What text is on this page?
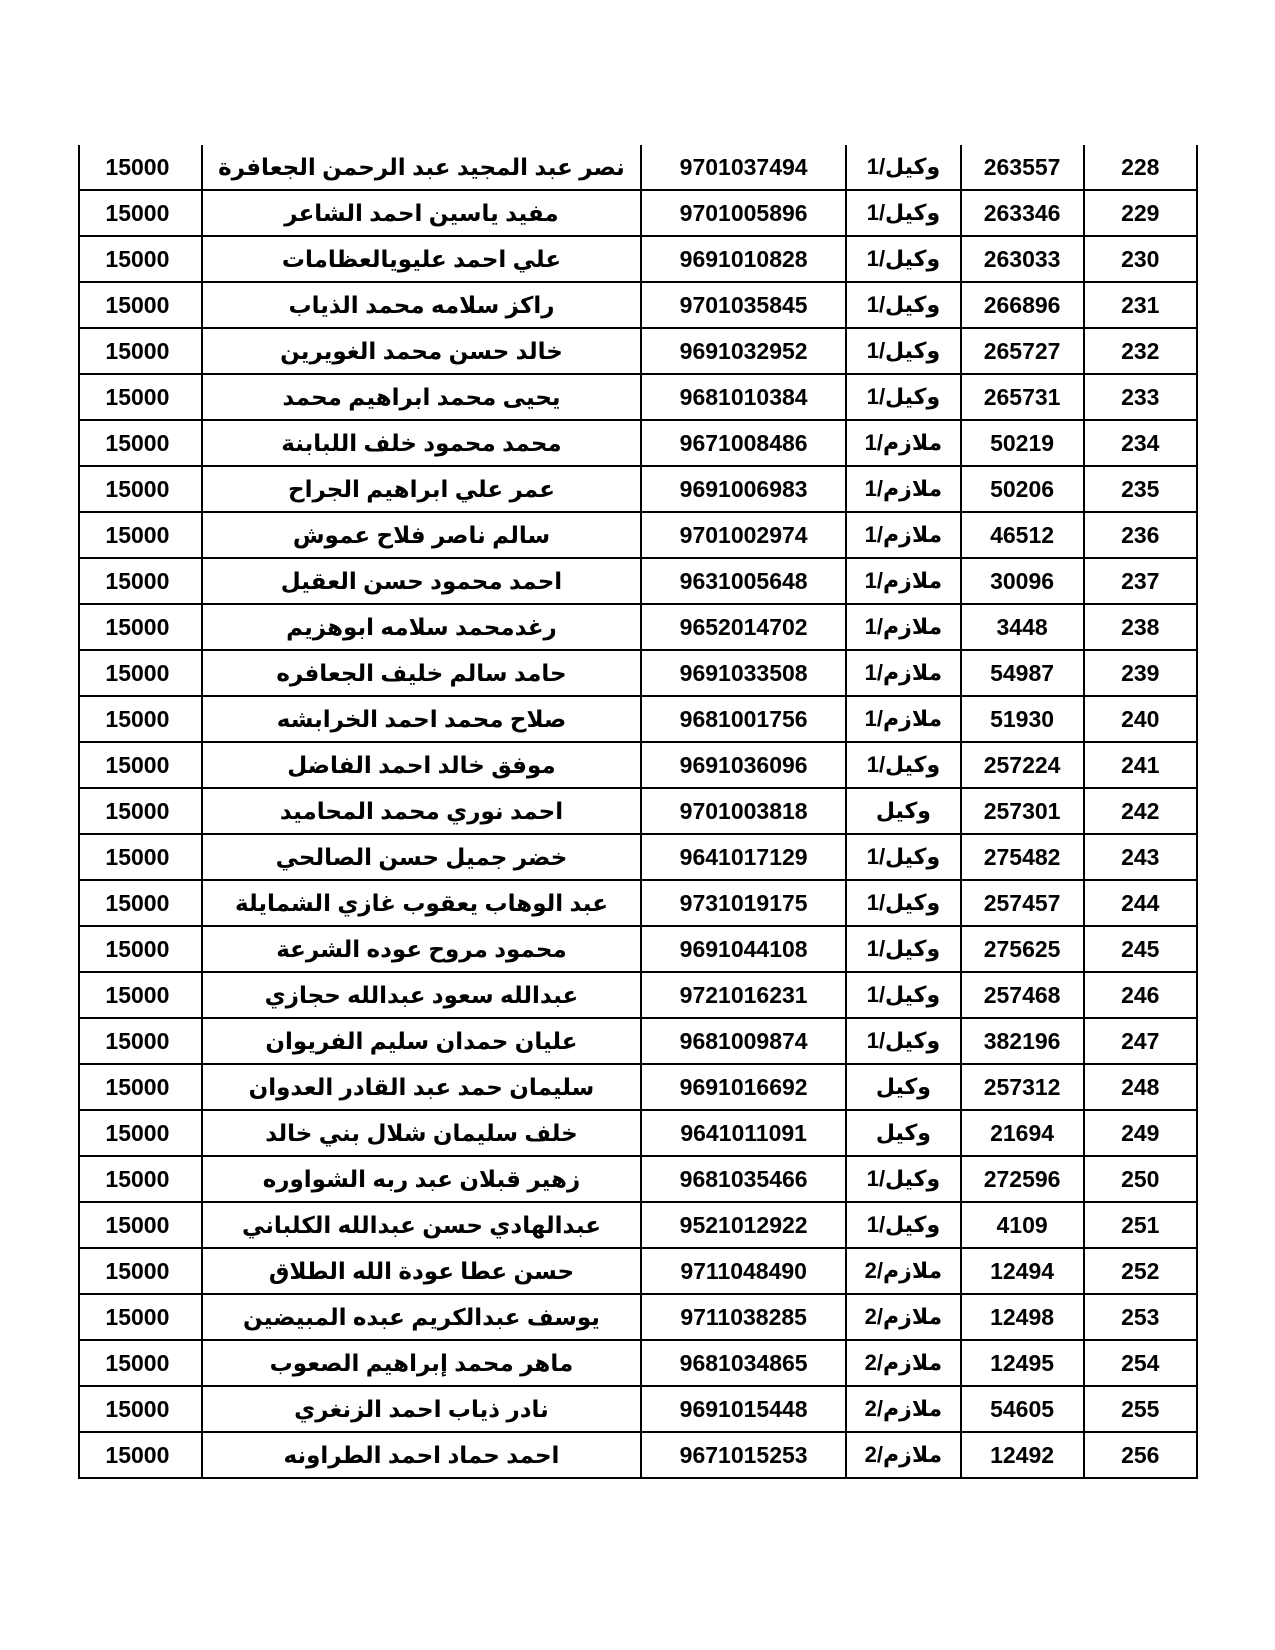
15000	نصر عبد المجيد عبد الرحمن الجعافرة	9701037494	وكيل/1	263557	228
15000	مفيد ياسين احمد الشاعر	9701005896	وكيل/1	263346	229
15000	علي احمد عليويالعظامات	9691010828	وكيل/1	263033	230
15000	راكز سلامه محمد الذياب	9701035845	وكيل/1	266896	231
15000	خالد حسن محمد الغويرين	9691032952	وكيل/1	265727	232
15000	يحيى محمد ابراهيم محمد	9681010384	وكيل/1	265731	233
15000	محمد محمود خلف اللبابنة	9671008486	ملازم/1	50219	234
15000	عمر علي ابراهيم الجراح	9691006983	ملازم/1	50206	235
15000	سالم ناصر فلاح عموش	9701002974	ملازم/1	46512	236
15000	احمد محمود حسن العقيل	9631005648	ملازم/1	30096	237
15000	رغدمحمد سلامه ابوهزيم	9652014702	ملازم/1	3448	238
15000	حامد سالم خليف الجعافره	9691033508	ملازم/1	54987	239
15000	صلاح محمد احمد الخرابشه	9681001756	ملازم/1	51930	240
15000	موفق خالد احمد الفاضل	9691036096	وكيل/1	257224	241
15000	احمد نوري محمد المحاميد	9701003818	وكيل	257301	242
15000	خضر جميل حسن الصالحي	9641017129	وكيل/1	275482	243
15000	عبد الوهاب يعقوب غازي الشمايلة	9731019175	وكيل/1	257457	244
15000	محمود مروح عوده الشرعة	9691044108	وكيل/1	275625	245
15000	عبدالله سعود عبدالله حجازي	9721016231	وكيل/1	257468	246
15000	عليان حمدان سليم الفريوان	9681009874	وكيل/1	382196	247
15000	سليمان حمد عبد القادر العدوان	9691016692	وكيل	257312	248
15000	خلف سليمان شلال بني خالد	9641011091	وكيل	21694	249
15000	زهير قبلان عبد ربه الشواوره	9681035466	وكيل/1	272596	250
15000	عبدالهادي حسن عبدالله الكلباني	9521012922	وكيل/1	4109	251
15000	حسن عطا عودة الله الطلاق	9711048490	ملازم/2	12494	252
15000	يوسف عبدالكريم عبده المبيضين	9711038285	ملازم/2	12498	253
15000	ماهر محمد إبراهيم الصعوب	9681034865	ملازم/2	12495	254
15000	نادر ذياب احمد الزنغري	9691015448	ملازم/2	54605	255
15000	احمد حماد احمد الطراونه	9671015253	ملازم/2	12492	256
